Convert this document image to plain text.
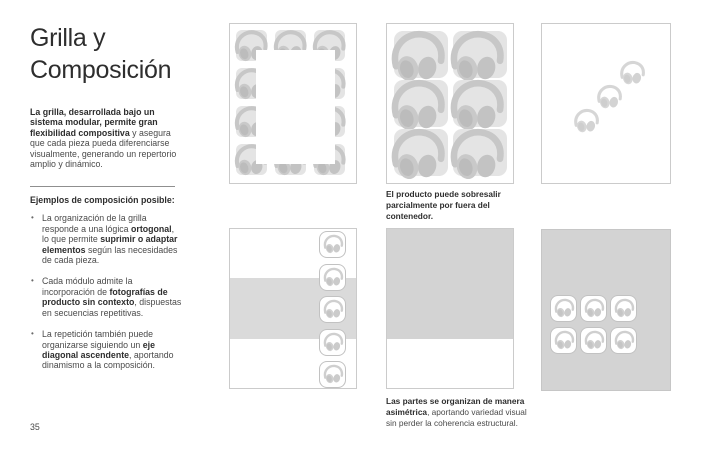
Grilla y
Composición

La grilla, desarrollada bajo un sistema modular, permite gran flexibilidad compositiva y asegura que cada pieza pueda diferenciarse visualmente, generando un repertorio amplio y dinámico.

Ejemplos de composición posible:
• La organización de la grilla responde a una lógica ortogonal, lo que permite suprimir o adaptar elementos según las necesidades de cada pieza.
• Cada módulo admite la incorporación de fotografías de producto sin contexto, dispuestas en secuencias repetitivas.
• La repetición también puede organizarse siguiendo un eje diagonal ascendente, aportando dinamismo a la composición.
35
El producto puede sobresalir parcialmente por fuera del contenedor.
Las partes se organizan de manera asimétrica, aportando variedad visual sin perder la coherencia estructural.
